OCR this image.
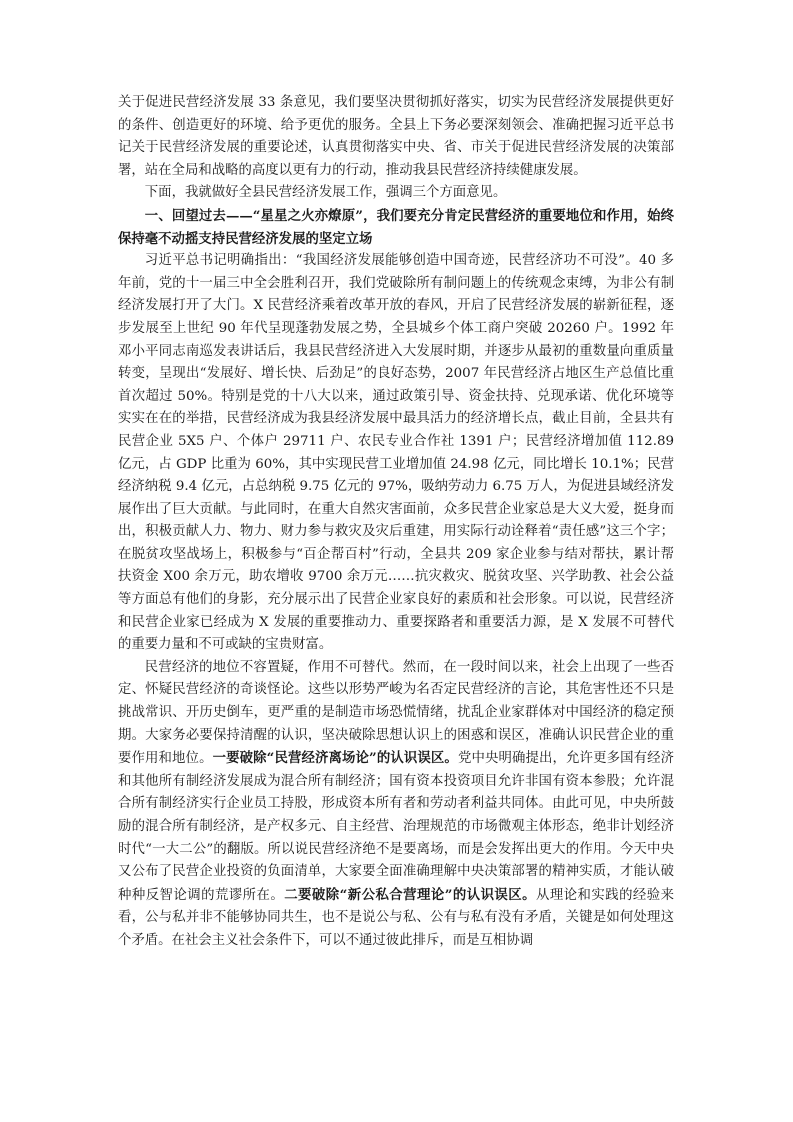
关于促进民营经济发展 33 条意见，我们要坚决贯彻抓好落实，切实为民营经济发展提供更好的条件、创造更好的环境、给予更优的服务。全县上下务必要深刻领会、准确把握习近平总书记关于民营经济发展的重要论述，认真贯彻落实中央、省、市关于促进民营经济发展的决策部署，站在全局和战略的高度以更有力的行动，推动我县民营经济持续健康发展。

下面，我就做好全县民营经济发展工作，强调三个方面意见。

一、回望过去——“星星之火亦燎原”，我们要充分肯定民营经济的重要地位和作用，始终保持毫不动摇支持民营经济发展的坚定立场

习近平总书记明确指出：“我国经济发展能够创造中国奇迹，民营经济功不可没”。40 多年前，党的十一届三中全会胜利召开，我们党破除所有制问题上的传统观念束缚，为非公有制经济发展打开了大门。X 民营经济乘着改革开放的春风，开启了民营经济发展的崭新征程，逐步发展至上世纪 90 年代呈现蓬勃发展之势，全县城乡个体工商户突破 20260 户。1992 年邓小平同志南巡发表讲话后，我县民营经济进入大发展时期，并逐步从最初的重数量向重质量转变，呈现出“发展好、增长快、后劲足”的良好态势，2007 年民营经济占地区生产总值比重首次超过 50%。特别是党的十八大以来，通过政策引导、资金扶持、兑现承诺、优化环境等实实在在的举措，民营经济成为我县经济发展中最具活力的经济增长点，截止目前，全县共有民营企业 5X5 户、个体户 29711 户、农民专业合作社 1391 户；民营经济增加值 112.89 亿元，占 GDP 比重为 60%，其中实现民营工业增加值 24.98 亿元，同比增长 10.1%；民营经济纳税 9.4 亿元，占总纳税 9.75 亿元的 97%，吸纳劳动力 6.75 万人，为促进县域经济发展作出了巨大贡献。与此同时，在重大自然灾害面前，众多民营企业家总是大义大爱，挺身而出，积极贡献人力、物力、财力参与救灾及灾后重建，用实际行动诠释着“责任感”这三个字；在脱贫攻坚战场上，积极参与“百企帮百村”行动，全县共 209 家企业参与结对帮扶，累计帮扶资金 X00 余万元，助农增收 9700 余万元……抗灾救灾、脱贫攻坚、兴学助教、社会公益等方面总有他们的身影，充分展示出了民营企业家良好的素质和社会形象。可以说，民营经济和民营企业家已经成为 X 发展的重要推动力、重要探路者和重要活力源，是 X 发展不可替代的重要力量和不可或缺的宝贵财富。

民营经济的地位不容置疑，作用不可替代。然而，在一段时间以来，社会上出现了一些否定、怀疑民营经济的奇谈怪论。这些以形势严峻为名否定民营经济的言论，其危害性还不只是挑战常识、开历史倒车，更严重的是制造市场恐慌情绪，扰乱企业家群体对中国经济的稳定预期。大家务必要保持清醒的认识，坚决破除思想认识上的困惑和误区，准确认识民营企业的重要作用和地位。一要破除“民营经济离场论”的认识误区。党中央明确提出，允许更多国有经济和其他所有制经济发展成为混合所有制经济；国有资本投资项目允许非国有资本参股；允许混合所有制经济实行企业员工持股，形成资本所有者和劳动者利益共同体。由此可见，中央所鼓励的混合所有制经济，是产权多元、自主经营、治理规范的市场微观主体形态，绝非计划经济时代“一大二公”的翻版。所以说民营经济绝不是要离场，而是会发挥出更大的作用。今天中央又公布了民营企业投资的负面清单，大家要全面准确理解中央决策部署的精神实质，才能认破种种反智论调的荒谬所在。二要破除“新公私合营理论”的认识误区。从理论和实践的经验来看，公与私并非不能够协同共生，也不是说公与私、公有与私有没有矛盾，关键是如何处理这个矛盾。在社会主义社会条件下，可以不通过彼此排斥，而是互相协调
